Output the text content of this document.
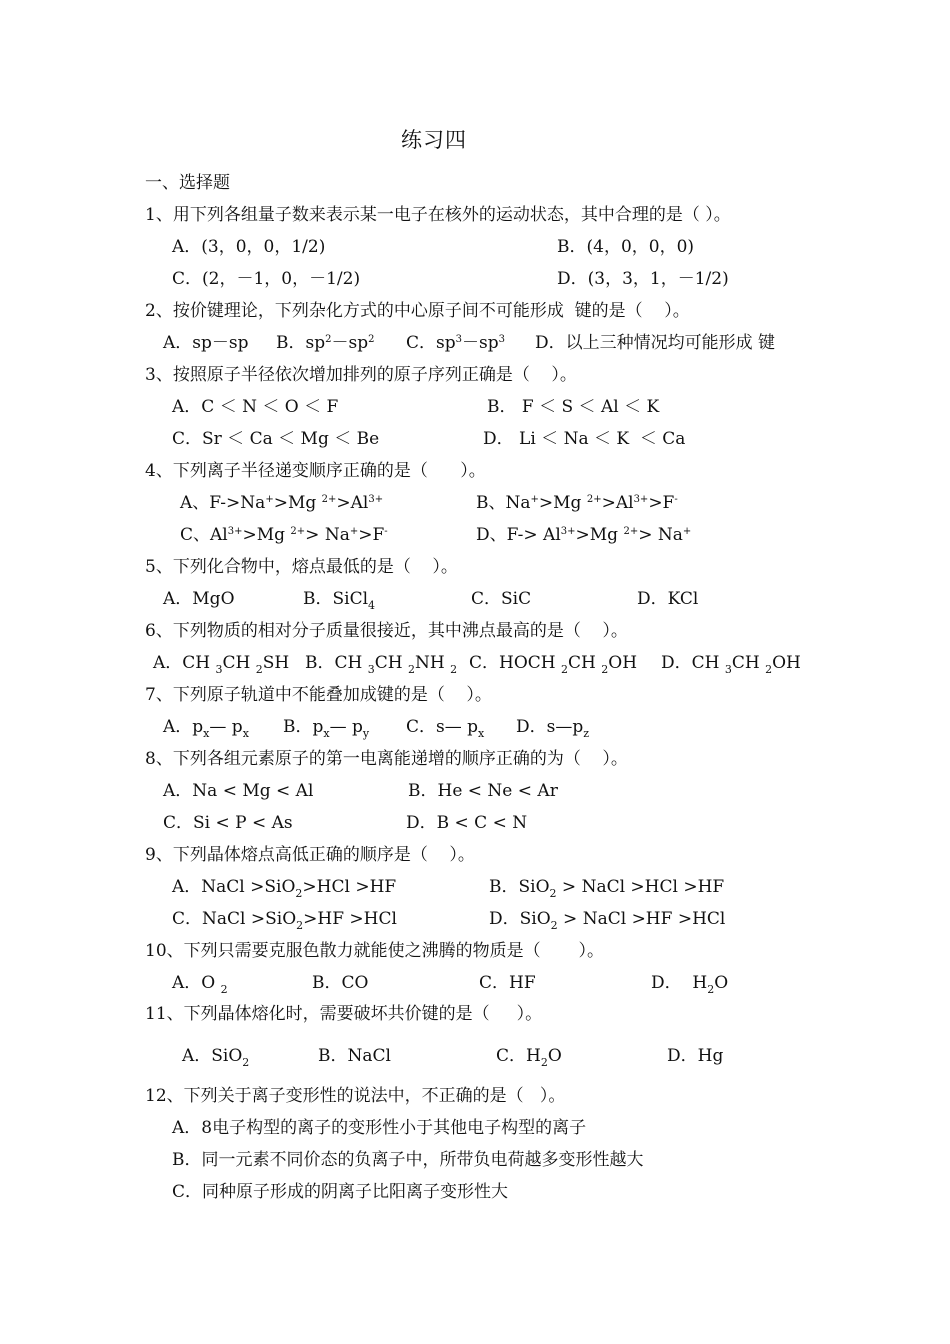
练习四
一、选择题
1、用下列各组量子数来表示某一电子在核外的运动状态，其中合理的是（ ）。
A．(3，0，0，1/2)	B．(4，0，0，0)
C．(2，－1，0，－1/2)	D．(3，3，1，－1/2)
2、按价键理论，下列杂化方式的中心原子间不可能形成  键的是（    ）。
A．sp－sp B．$sp^2-sp^2$ C．$sp^3-sp^3$ D．以上三种情况均可能形成 键
3、按照原子半径依次增加排列的原子序列正确是（    ）。
A．C ＜ N ＜ O ＜ F	B． F ＜ S ＜ Al ＜ K
C．Sr ＜ Ca ＜ Mg ＜ Be	D． Li ＜ Na ＜ K  ＜ Ca
4、下列离子半径递变顺序正确的是（      ）。
A、F->Na+>Mg $^{2+}>Al^{3+}$	B、Na+>Mg $^{2+}>Al^{3+}>F^-$
C、$Al^{3+}>Mg$ $^{2+}$> Na+>F-	D、$F-> Al^{3+}>Mg$ $^{2+}$> Na+
5、下列化合物中，熔点最低的是（    ）。
A．MgO	B．SiCl$_4$	C．SiC	D．KCl
6、下列物质的相对分子质量很接近，其中沸点最高的是（    ）。
A．CH $_3$CH $_2$SH B．CH $_3$CH $_2$NH $_2$ C．HOCH $_2$CH $_2$OH D．CH $_3$CH $_2$OH
7、下列原子轨道中不能叠加成键的是（    ）。
A．$p_x—$ $p_x$ B．$p_x—$ $p_y$ C．s— $p_x$ D．$s—p_z$
8、下列各组元素原子的第一电离能递增的顺序正确的为（    ）。
A．Na < Mg < Al	B．He < Ne < Ar
C．Si < P < As	D．B < C < N
9、下列晶体熔点高低正确的顺序是（    ）。
A．NaCl >SiO$_2$>HCl >HF	B．SiO$_2$ > NaCl >HCl >HF
C．NaCl >SiO$_2$>HF >HCl	D．SiO$_2$ > NaCl >HF >HCl
10、下列只需要克服色散力就能使之沸腾的物质是（       ）。
A．O $_2$	B．CO	C．HF	D．  $H_2O$
11、下列晶体熔化时，需要破坏共价键的是（     ）。
A．SiO$_2$	B．NaCl	C．$H_2O$	D．Hg
12、下列关于离子变形性的说法中，不正确的是（   ）。
A．8电子构型的离子的变形性小于其他电子构型的离子
B．同一元素不同价态的负离子中，所带负电荷越多变形性越大
C．同种原子形成的阴离子比阳离子变形性大
